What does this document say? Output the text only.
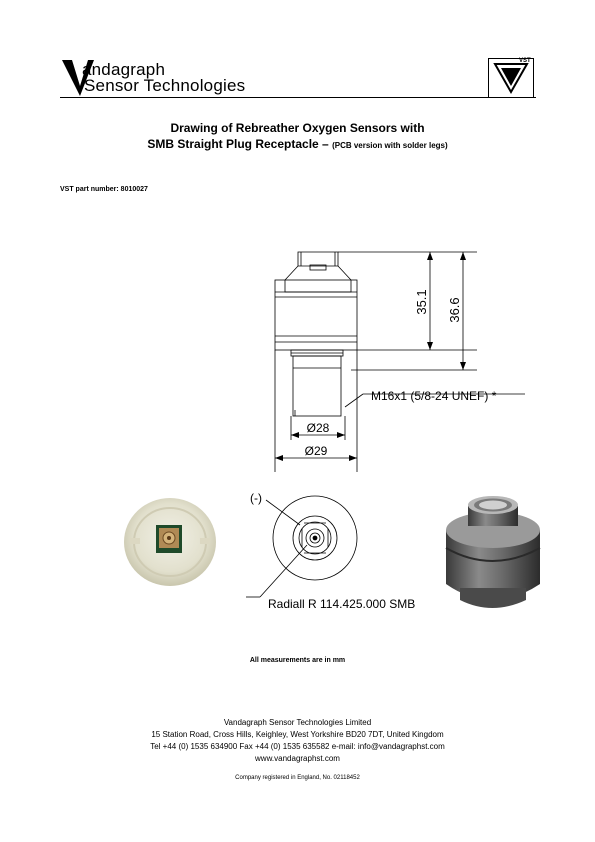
andagraph
Sensor Technologies
VST
Drawing of Rebreather Oxygen Sensors with
SMB Straight Plug Receptacle – (PCB version with solder legs)
VST part number: 8010027
35.1 36.6
M16x1 (5/8-24 UNEF) *
Ø28
Ø29
(-)
Radiall R 114.425.000 SMB
All measurements are in mm
Vandagraph Sensor Technologies Limited
15 Station Road, Cross Hills, Keighley, West Yorkshire BD20 7DT, United Kingdom
Tel +44 (0) 1535 634900 Fax +44 (0) 1535 635582 e-mail: info@vandagraphst.com
www.vandagraphst.com
Company registered in England, No. 02118452
